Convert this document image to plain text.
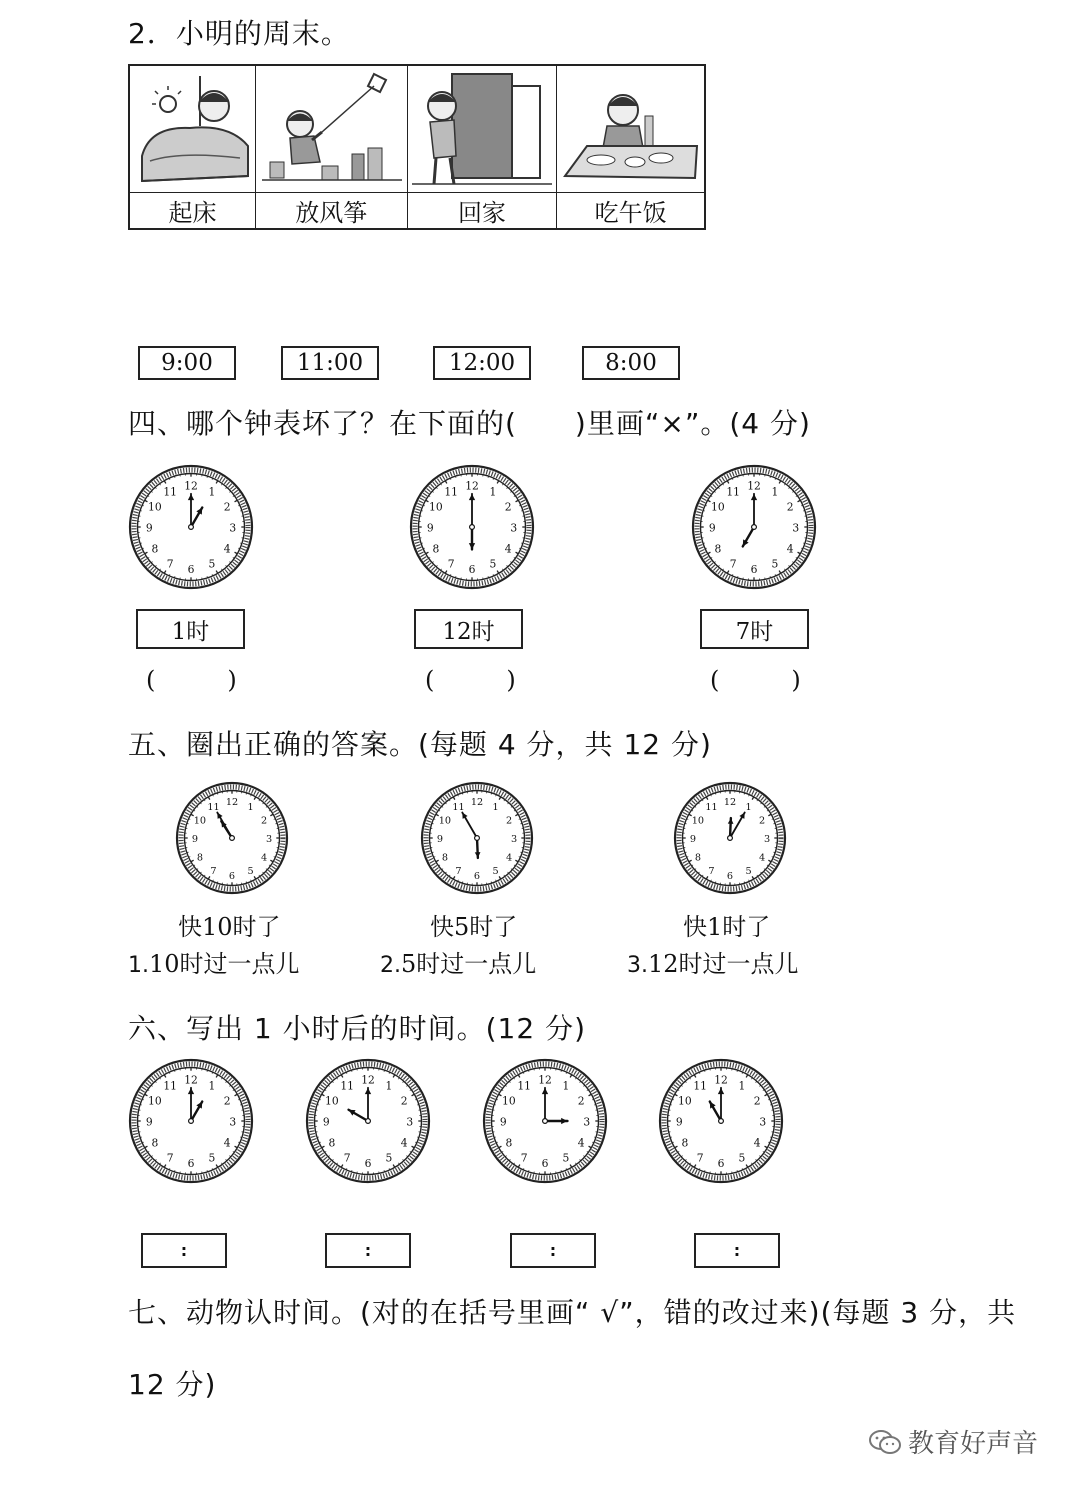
2．小明的周末。
起床	放风筝	回家	吃午饭
9:00	11:00	12:00	8:00
四、哪个钟表坏了？在下面的(　　)里画“×”。(4 分)
1
2
3
4
5
6
7
8
9
10
11 12	1
2
3
4
5
6
7
8
9
10
11 12	1
2
3
4
5
6
7
8
9
10
11 12
1时	12时	7时
(　　　)	(　　　)	(　　　)
五、圈出正确的答案。(每题 4 分，共 12 分)
1
2
3
4
5
6
7
8
9
10
11 12	1
2
3
4
5
6
7
8
9
10
11 12	1
2
3
4
5
6
7
8
9
10
11 12
快10时了	快5时了	快1时了
1.10时过一点儿	2.5时过一点儿	3.12时过一点儿
六、写出 1 小时后的时间。(12 分)
1
2
3
4
5
6
7
8
9
10
11 12	1
2
3
4
5
6
7
8
9
10
11 12	1
2
3
4
5
6
7
8
9
10
11 12	1
2
3
4
5
6
7
8
9
10
11 12
:	:	:	:
七、动物认时间。(对的在括号里画“ √”，错的改过来)(每题 3 分，共
12 分)
教育好声音
